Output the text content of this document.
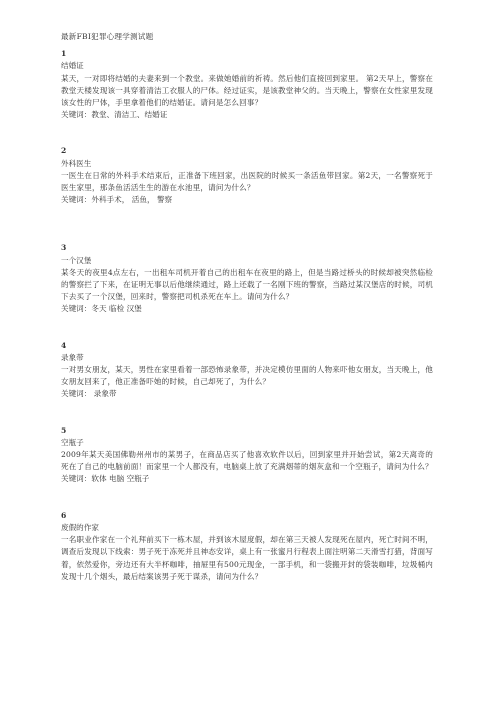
最新FBI犯罪心理学测试题

1

结婚证

某天，一对即将结婚的夫妻来到一个教堂。来做她婚前的祈祷。然后他们直接回到家里。 第2天早上，警察在教堂天楼发现该一具穿着清洁工衣服人的尸体。经过证实，是该教堂神父的。当天晚上，警察在女性家里发现该女性的尸体，手里拿着他们的结婚证。请问是怎么回事？

关键词：教堂、清洁工、结婚证

2

外科医生

一医生在日常的外科手术结束后，正准备下班回家，出医院的时候买一条活鱼带回家。第2天，一名警察死于医生家里，那条鱼活活生生的游在水池里，请问为什么？

关键词：外科手术， 活鱼， 警察

3

一个汉堡

某冬天的夜里4点左右，一出租车司机开着自己的出租车在夜里的路上，但是当路过桥头的时候却被突然临检的警察拦了下来，在证明无事以后他继续通过，路上还载了一名刚下班的警察，当路过某汉堡店的时候，司机下去买了一个汉堡，回来时，警察把司机杀死在车上。请问为什么？

关键词：冬天 临检 汉堡

4

录象带

一对男女朋友，某天，男性在家里看着一部恐怖录象带，并决定模仿里面的人物来吓他女朋友，当天晚上，他女朋友回来了，他正准备吓她的时候，自己却死了，为什么？

关键词： 录象带

5

空瓶子

2009年某天美国佛勒州州市的某男子，在商品店买了他喜欢软件以后，回到家里并开始尝试，第2天离奇的死在了自己的电脑前面！而家里一个人都没有，电脑桌上放了充满烟蒂的烟灰盒和一个空瓶子，请问为什么？

关键词：软体 电脑 空瓶子

6

废假的作家

一名职业作家在一个礼拜前买下一栋木屋，并到该木屋度假，却在第三天被人发现死在屋内，死亡时间不明，调查后发现以下线索：男子死于冻死并且神态安详，桌上有一张蜜月行程表上面注明第二天滑雪打猎，背面写着，依然爱你，旁边还有大半杯咖啡，抽屉里有500元现金，一部手机，和一袋搬开封的袋装咖啡，垃圾桶内发现十几个烟头，最后结案该男子死于谋杀，请问为什么？
